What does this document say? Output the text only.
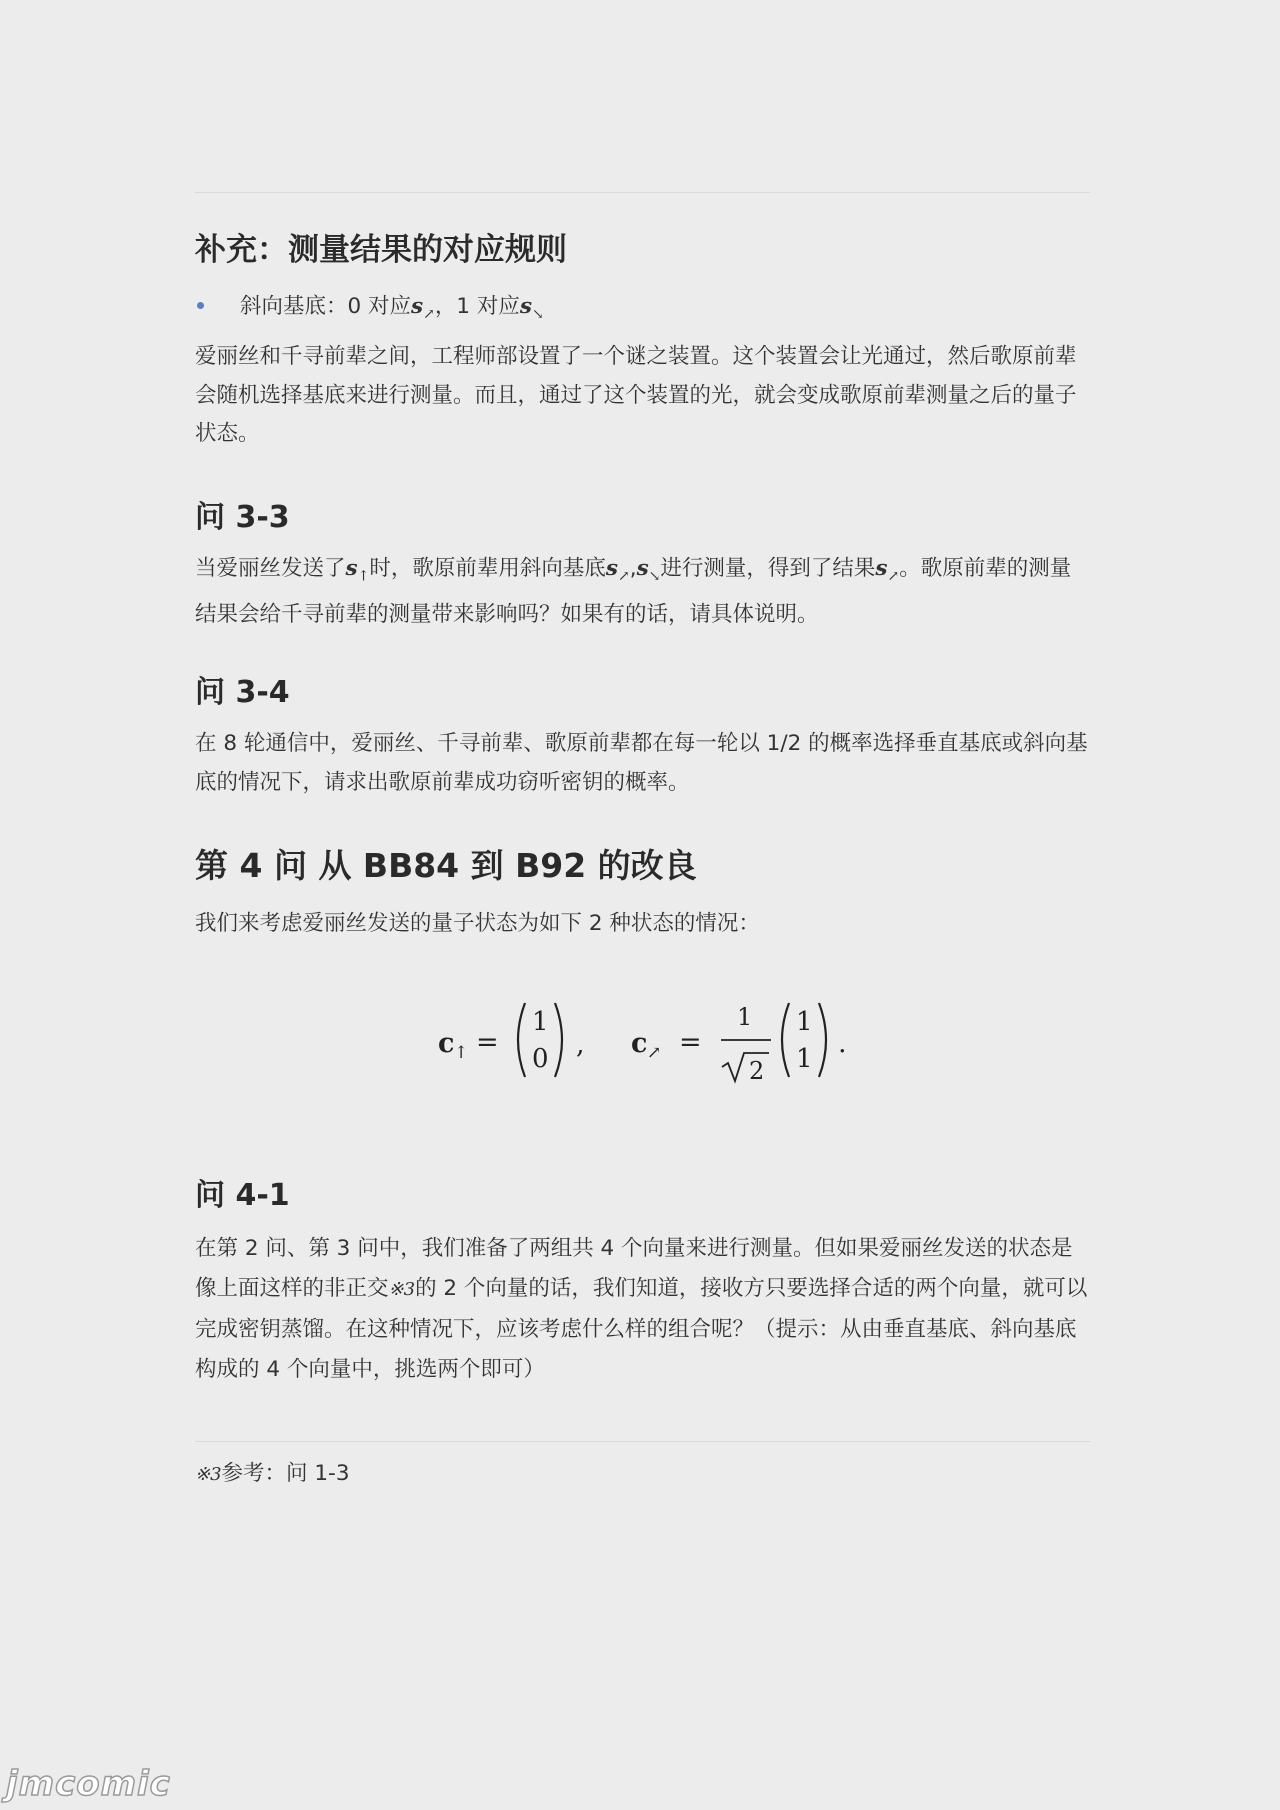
补充：测量结果的对应规则
斜向基底：0 对应$s_↗$，1 对应$s_↘$

爱丽丝和千寻前辈之间，工程师部设置了一个谜之装置。这个装置会让光通过，然后歌原前辈会随机选择基底来进行测量。而且，通过了这个装置的光，就会变成歌原前辈测量之后的量子状态。

问 3-3

当爱丽丝发送了$s_↑$时，歌原前辈用斜向基底$s_↗,s_↘$进行测量，得到了结果$s_↗$。歌原前辈的测量结果会给千寻前辈的测量带来影响吗？如果有的话，请具体说明。

问 3-4

在 8 轮通信中，爱丽丝、千寻前辈、歌原前辈都在每一轮以 1/2 的概率选择垂直基底或斜向基底的情况下，请求出歌原前辈成功窃听密钥的概率。

第 4 问 从 BB84 到 B92 的改良

我们来考虑爱丽丝发送的量子状态为如下 2 种状态的情况：

c ↑ =
1
0 , c ↗ =
1
2
1
1 .
问 4-1

在第 2 问、第 3 问中，我们准备了两组共 4 个向量来进行测量。但如果爱丽丝发送的状态是像上面这样的非正交※3的 2 个向量的话，我们知道，接收方只要选择合适的两个向量，就可以完成密钥蒸馏。在这种情况下，应该考虑什么样的组合呢？（提示：从由垂直基底、斜向基底构成的 4 个向量中，挑选两个即可）

※3参考：问 1-3

jmcomic
